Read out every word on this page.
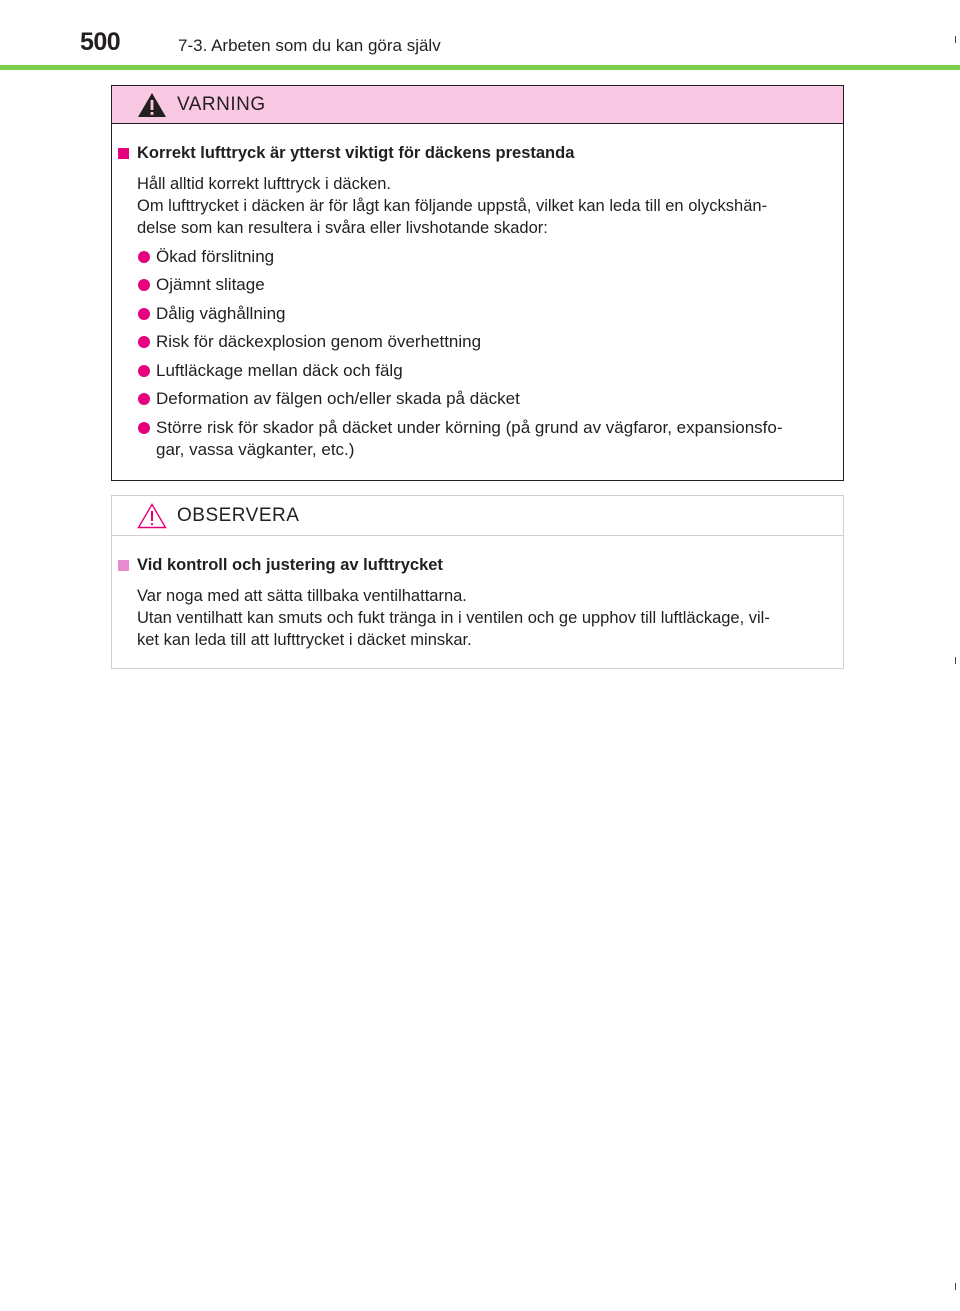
500	7-3. Arbeten som du kan göra själv
VARNING
Korrekt lufttryck är ytterst viktigt för däckens prestanda
Håll alltid korrekt lufttryck i däcken.
Om lufttrycket i däcken är för lågt kan följande uppstå, vilket kan leda till en olyckshän-
delse som kan resultera i svåra eller livshotande skador:
Ökad förslitning
Ojämnt slitage
Dålig väghållning
Risk för däckexplosion genom överhettning
Luftläckage mellan däck och fälg
Deformation av fälgen och/eller skada på däcket
Större risk för skador på däcket under körning (på grund av vägfaror, expansionsfo-
gar, vassa vägkanter, etc.)
OBSERVERA
Vid kontroll och justering av lufttrycket
Var noga med att sätta tillbaka ventilhattarna.
Utan ventilhatt kan smuts och fukt tränga in i ventilen och ge upphov till luftläckage, vil-
ket kan leda till att lufttrycket i däcket minskar.
